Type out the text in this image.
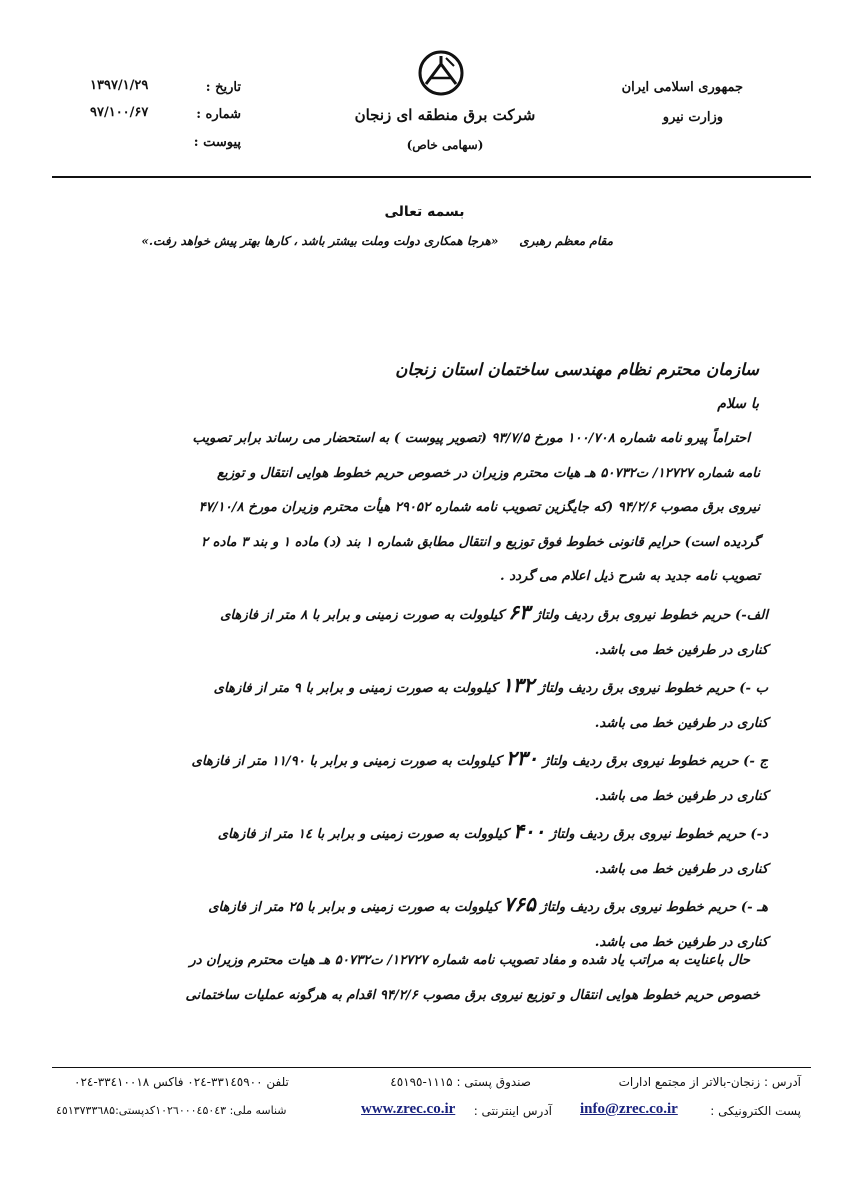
جمهوری اسلامی ایران
وزارت نیرو
شرکت برق منطقه ای زنجان
(سهامی خاص)
تاریخ :
۱۳۹۷/۱/۲۹
شماره :
۹۷/۱۰۰/۶۷
پیوست :
بسمه تعالی
مقام معظم رهبری     «هرجا همکاری دولت وملت بیشتر باشد ، کارها بهتر پیش خواهد رفت.»
سازمان محترم نظام مهندسی ساختمان استان زنجان
با سلام

احتراماً پیرو نامه شماره ۱۰۰/۷۰۸ مورخ ۹۳/۷/۵ (تصویر پیوست ) به استحضار می رساند برابر تصویب

نامه شماره ۱۲۷۲۷/ ت۵۰۷۳۲ هـ هیات محترم وزیران در خصوص حریم خطوط هوایی انتقال و توزیع

نیروی برق مصوب ۹۴/۲/۶ (که جایگزین تصویب نامه شماره ۲۹۰۵۲ هیأت محترم وزیران مورخ ۴۷/۱۰/۸

گردیده است) حرایم قانونی خطوط فوق توزیع و انتقال مطابق شماره ۱ بند (د) ماده ۱ و بند ۳ ماده ۲

تصویب نامه جدید به شرح ذیل اعلام می گردد .

الف-) حریم خطوط نیروی برق ردیف ولتاژ ۶۳ کیلوولت به صورت زمینی و برابر با ۸ متر از فازهای

کناری در طرفین خط می باشد.

ب -) حریم خطوط نیروی برق ردیف ولتاژ ۱۳۲ کیلوولت به صورت زمینی و برابر با ۹ متر از فازهای

کناری در طرفین خط می باشد.

ج -) حریم خطوط نیروی برق ردیف ولتاژ ۲۳۰ کیلوولت به صورت زمینی و برابر با ۱۱/۹۰ متر از فازهای

کناری در طرفین خط می باشد.

د-) حریم خطوط نیروی برق ردیف ولتاژ ۴۰۰ کیلوولت به صورت زمینی و برابر با ١٤ متر از فازهای

کناری در طرفین خط می باشد.

هـ -) حریم خطوط نیروی برق ردیف ولتاژ ۷۶۵ کیلوولت به صورت زمینی و برابر با ۲۵ متر از فازهای

کناری در طرفین خط می باشد.

حال باعنایت به مراتب یاد شده و مفاد تصویب نامه شماره ۱۲۷۲۷/ ت۵۰۷۳۲ هـ هیات محترم وزیران در

خصوص حریم خطوط هوایی انتقال و توزیع نیروی برق مصوب ۹۴/۲/۶ اقدام به هرگونه عملیات ساختمانی

آدرس : زنجان-بالاتر از مجتمع ادارات
صندوق پستی : ۱۱۱۵-٤٥١٩٥
تلفن ۳۳۱٤٥۹۰۰-۰۲٤ فاکس ۳۳٤۱۰۰۱۸-۰۲٤
پست الکترونیکی :
info@zrec.co.ir
آدرس اینترنتی :
www.zrec.co.ir
شناسه ملی: ۱۰۲٦۰۰۰٤۵۰٤۳کدپستی:٤٥۱۳۷۳۳٦۸۵
